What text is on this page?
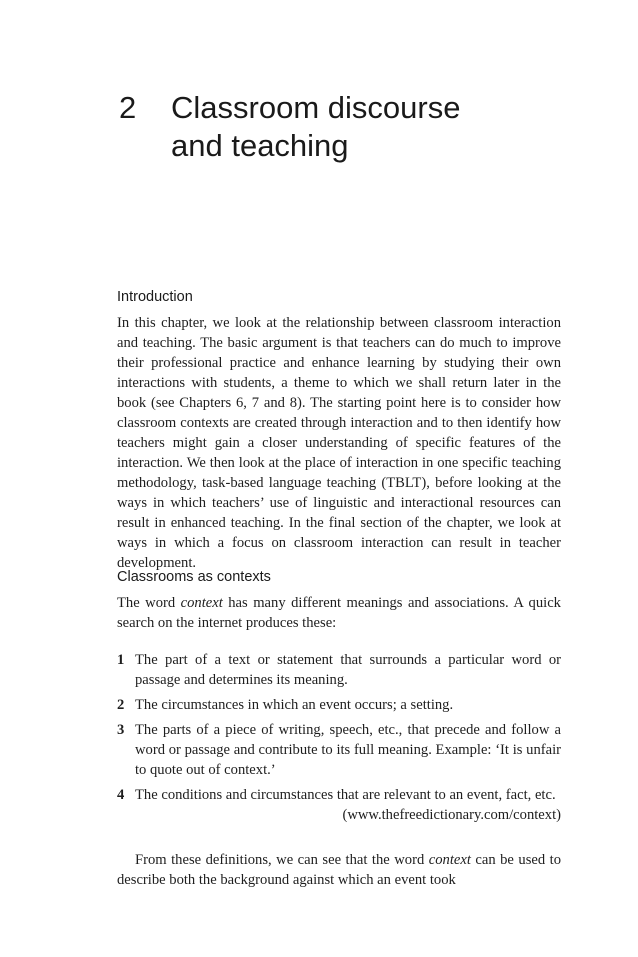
2 Classroom discourse
and teaching
Introduction

In this chapter, we look at the relationship between classroom interaction and teaching. The basic argument is that teachers can do much to improve their professional practice and enhance learning by studying their own interactions with students, a theme to which we shall return later in the book (see Chapters 6, 7 and 8). The starting point here is to consider how classroom contexts are created through interaction and to then identify how teachers might gain a closer understanding of specific features of the interaction. We then look at the place of interaction in one specific teaching methodology, task-based language teaching (TBLT), before looking at the ways in which teachers’ use of linguistic and interactional resources can result in enhanced teaching. In the final section of the chapter, we look at ways in which a focus on classroom interaction can result in teacher development.

Classrooms as contexts

The word context has many different meanings and associations. A quick search on the internet produces these:

1 The part of a text or statement that surrounds a particular word or passage and determines its meaning.
2 The circumstances in which an event occurs; a setting.
3 The parts of a piece of writing, speech, etc., that precede and follow a word or passage and contribute to its full meaning. Example: ‘It is unfair to quote out of context.’
4 The conditions and circumstances that are relevant to an event, fact, etc.
(www.thefreedictionary.com/context)

From these definitions, we can see that the word context can be used to describe both the background against which an event took
